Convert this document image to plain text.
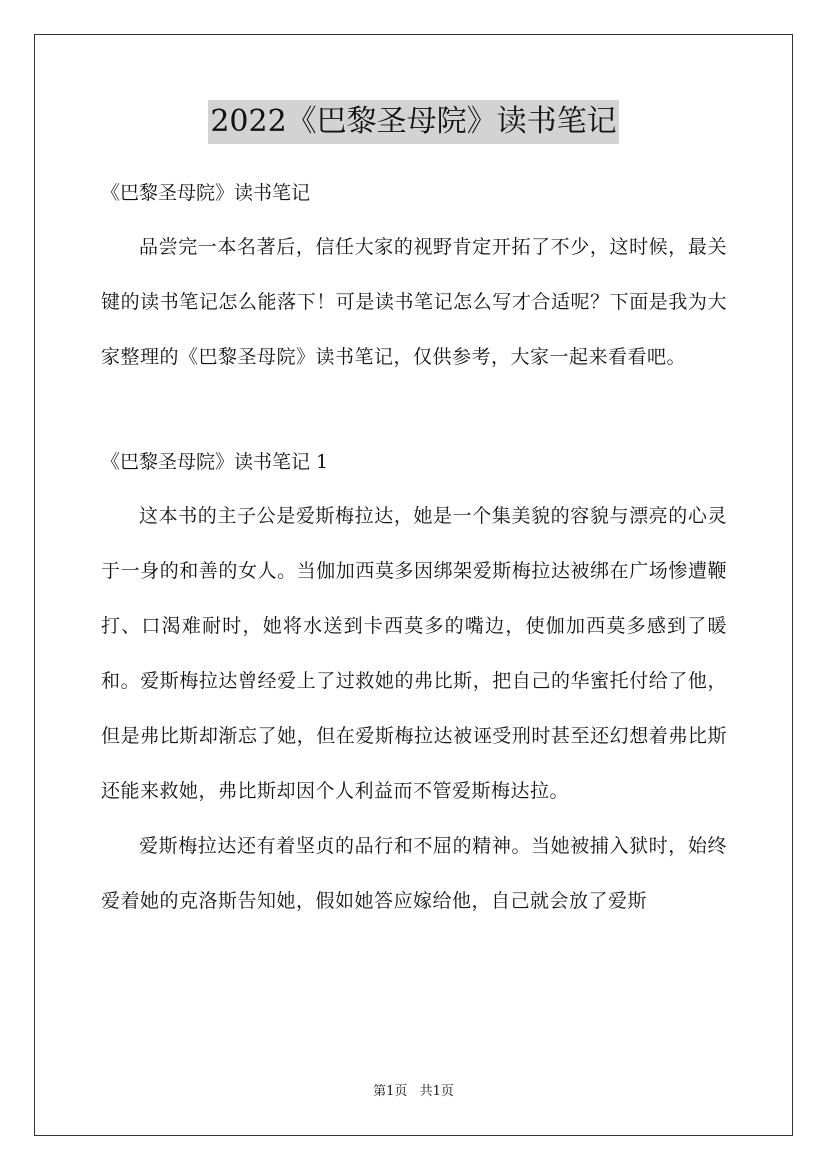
2022《巴黎圣母院》读书笔记

《巴黎圣母院》读书笔记

品尝完一本名著后，信任大家的视野肯定开拓了不少，这时候，最关键的读书笔记怎么能落下！可是读书笔记怎么写才合适呢？下面是我为大家整理的《巴黎圣母院》读书笔记，仅供参考，大家一起来看看吧。

《巴黎圣母院》读书笔记 1

这本书的主子公是爱斯梅拉达，她是一个集美貌的容貌与漂亮的心灵于一身的和善的女人。当伽加西莫多因绑架爱斯梅拉达被绑在广场惨遭鞭打、口渴难耐时，她将水送到卡西莫多的嘴边，使伽加西莫多感到了暖和。爱斯梅拉达曾经爱上了过救她的弗比斯，把自己的华蜜托付给了他，但是弗比斯却渐忘了她，但在爱斯梅拉达被诬受刑时甚至还幻想着弗比斯还能来救她，弗比斯却因个人利益而不管爱斯梅达拉。

爱斯梅拉达还有着坚贞的品行和不屈的精神。当她被捕入狱时，始终爱着她的克洛斯告知她，假如她答应嫁给他，自己就会放了爱斯

第1页 共1页
